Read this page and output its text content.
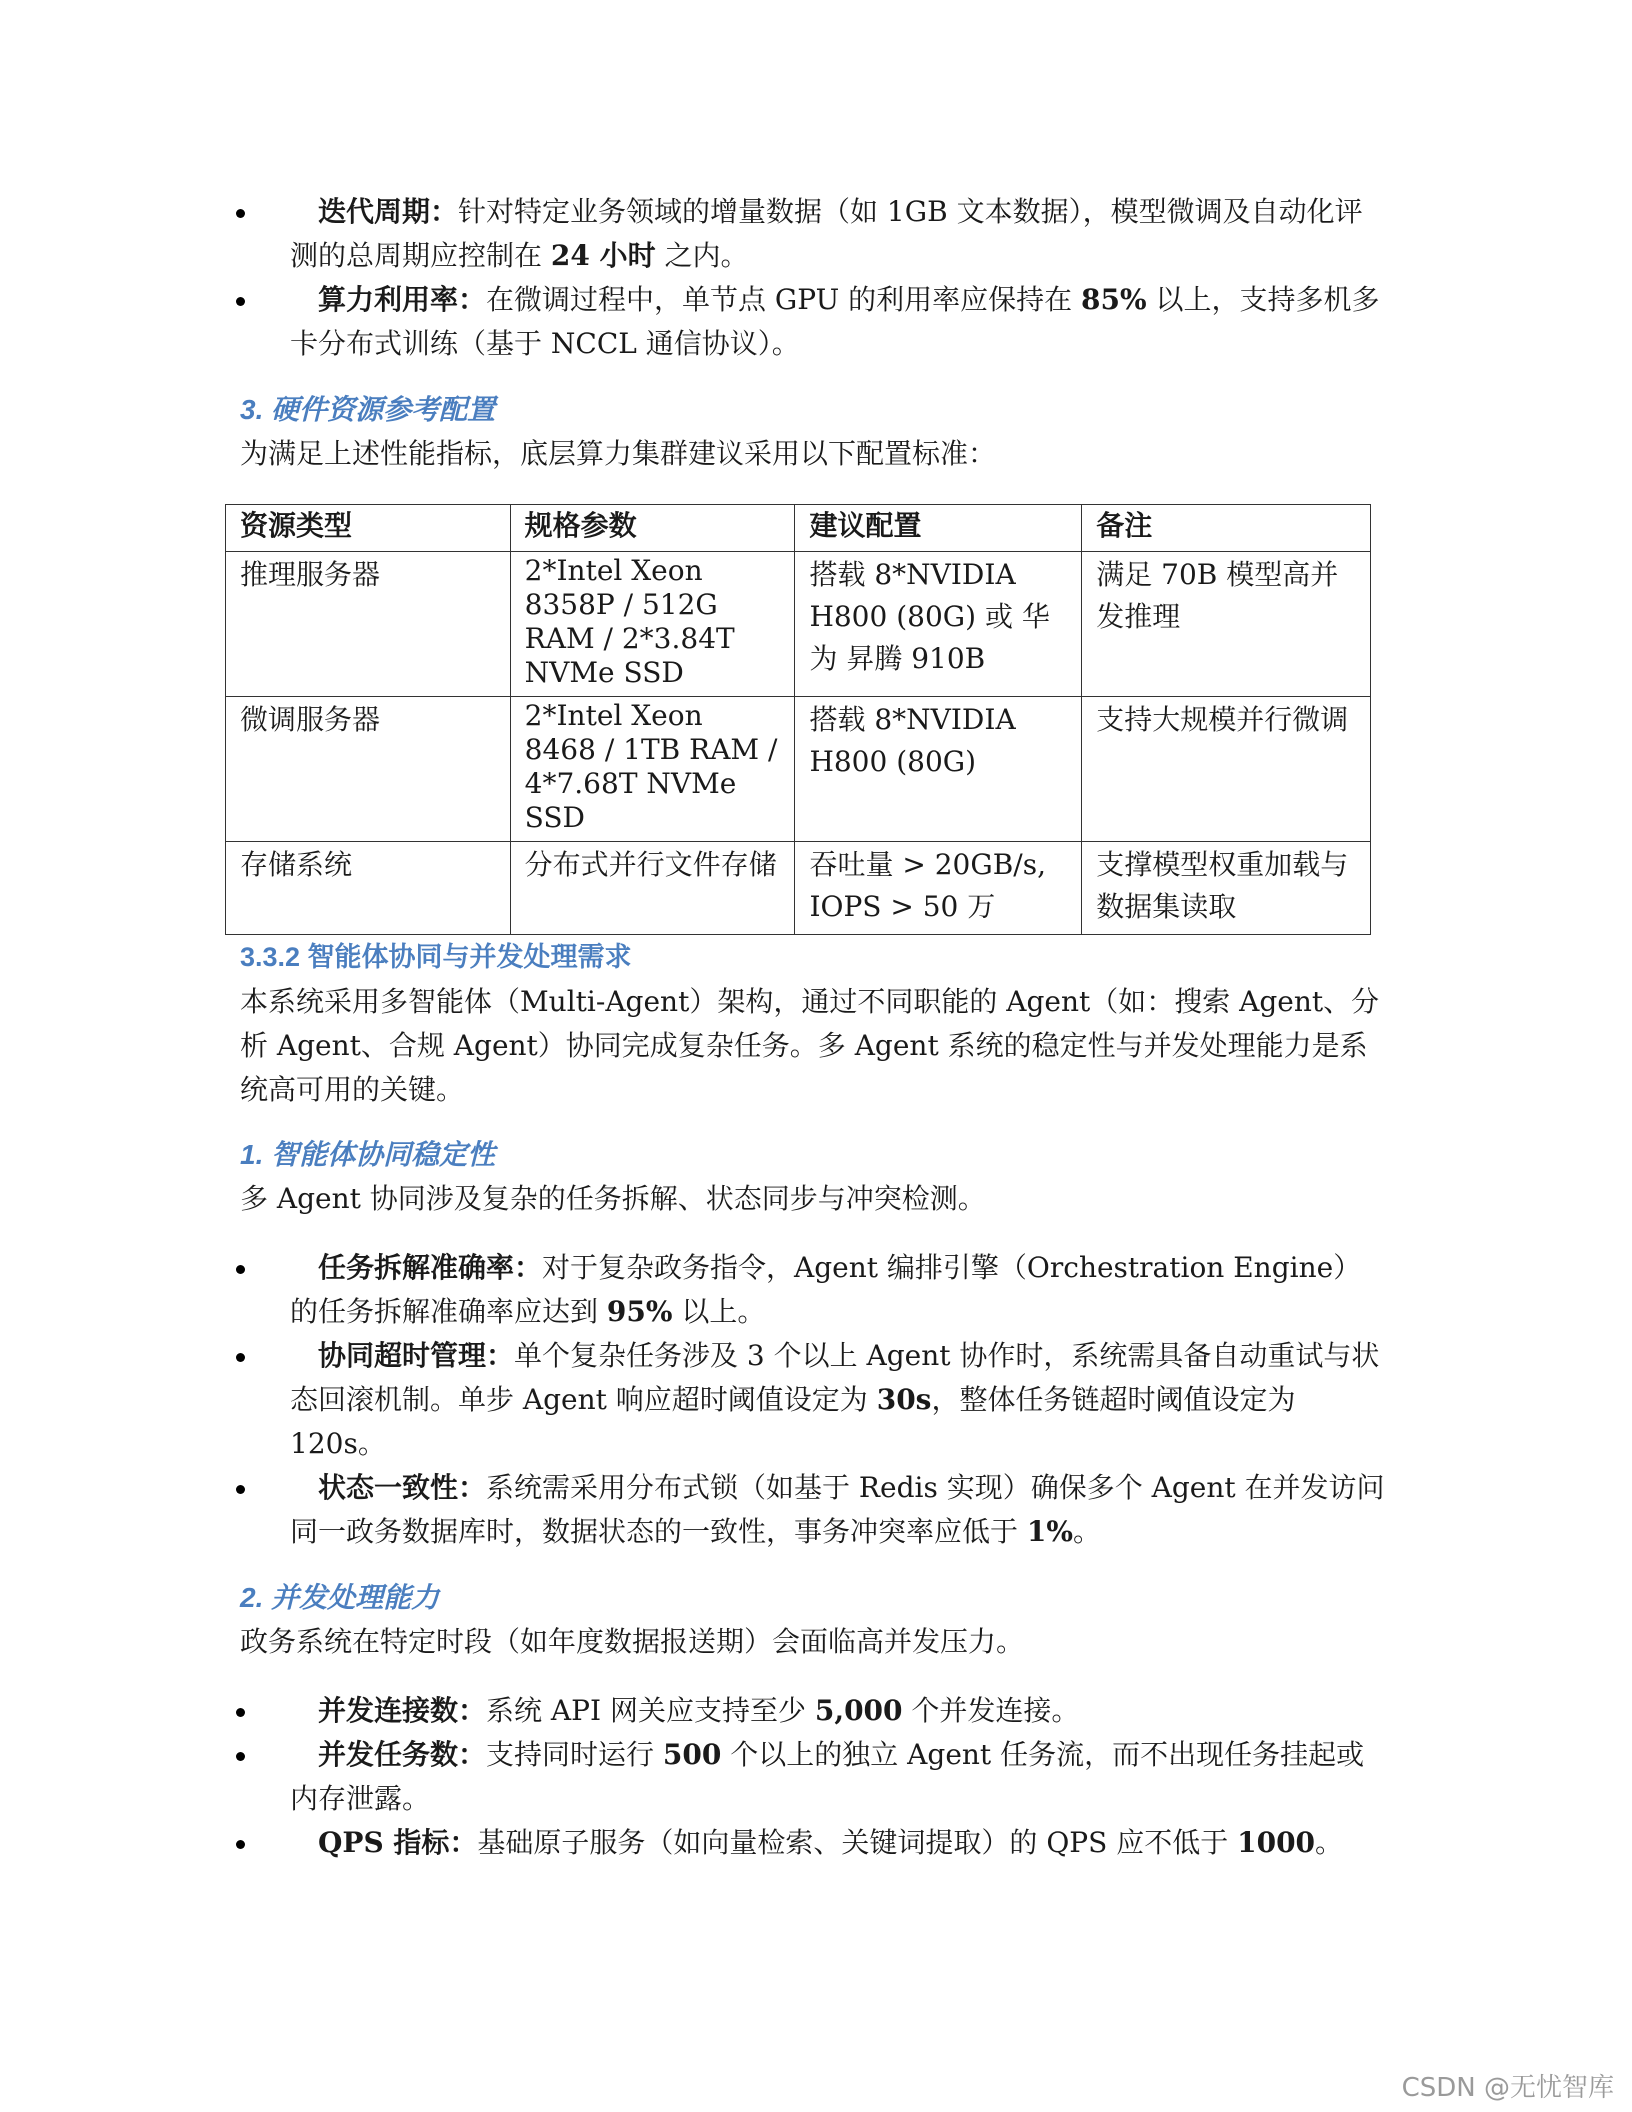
迭代周期：针对特定业务领域的增量数据（如 1GB 文本数据），模型微调及自动化评测的总周期应控制在 24 小时 之内。
算力利用率：在微调过程中，单节点 GPU 的利用率应保持在 85% 以上，支持多机多卡分布式训练（基于 NCCL 通信协议）。
3. 硬件资源参考配置
为满足上述性能指标，底层算力集群建议采用以下配置标准：
资源类型	规格参数	建议配置	备注
推理服务器	2*Intel Xeon 8358P / 512G RAM / 2*3.84T NVMe SSD	搭载 8*NVIDIA H800 (80G) 或 华为 昇腾 910B	满足 70B 模型高并发推理
微调服务器	2*Intel Xeon 8468 / 1TB RAM / 4*7.68T NVMe SSD	搭载 8*NVIDIA H800 (80G)	支持大规模并行微调
存储系统	分布式并行文件存储	吞吐量 > 20GB/s, IOPS > 50 万	支撑模型权重加载与数据集读取
3.3.2 智能体协同与并发处理需求
本系统采用多智能体（Multi-Agent）架构，通过不同职能的 Agent（如：搜索 Agent、分析 Agent、合规 Agent）协同完成复杂任务。多 Agent 系统的稳定性与并发处理能力是系统高可用的关键。
1. 智能体协同稳定性
多 Agent 协同涉及复杂的任务拆解、状态同步与冲突检测。
任务拆解准确率：对于复杂政务指令，Agent 编排引擎（Orchestration Engine）的任务拆解准确率应达到 95% 以上。
协同超时管理：单个复杂任务涉及 3 个以上 Agent 协作时，系统需具备自动重试与状态回滚机制。单步 Agent 响应超时阈值设定为 30s，整体任务链超时阈值设定为 120s。
状态一致性：系统需采用分布式锁（如基于 Redis 实现）确保多个 Agent 在并发访问同一政务数据库时，数据状态的一致性，事务冲突率应低于 1%。
2. 并发处理能力
政务系统在特定时段（如年度数据报送期）会面临高并发压力。
并发连接数：系统 API 网关应支持至少 5,000 个并发连接。
并发任务数：支持同时运行 500 个以上的独立 Agent 任务流，而不出现任务挂起或内存泄露。
QPS 指标：基础原子服务（如向量检索、关键词提取）的 QPS 应不低于 1000。
CSDN @无忧智库
